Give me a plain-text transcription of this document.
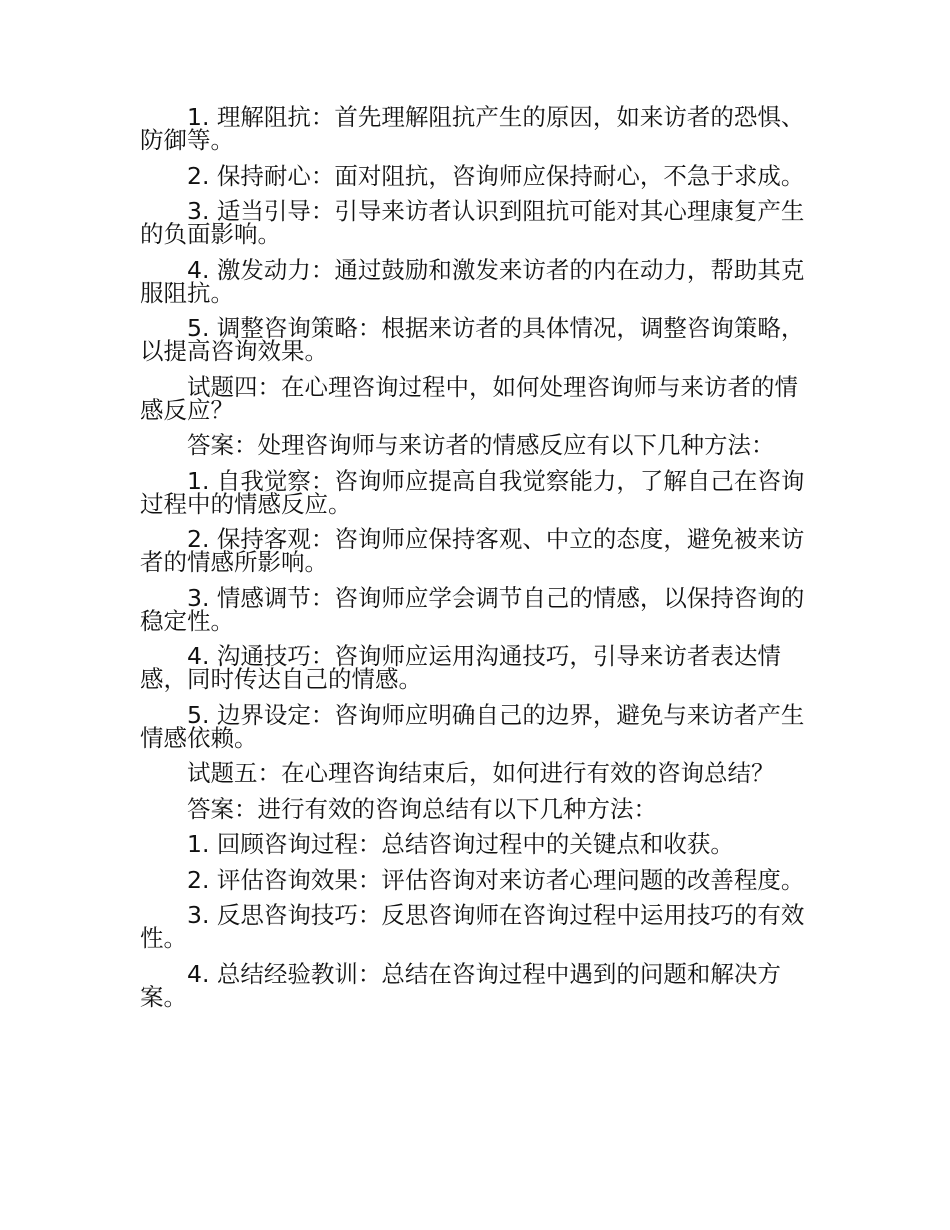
1. 理解阻抗：首先理解阻抗产生的原因，如来访者的恐惧、防御等。

2. 保持耐心：面对阻抗，咨询师应保持耐心，不急于求成。

3. 适当引导：引导来访者认识到阻抗可能对其心理康复产生的负面影响。

4. 激发动力：通过鼓励和激发来访者的内在动力，帮助其克服阻抗。

5. 调整咨询策略：根据来访者的具体情况，调整咨询策略，以提高咨询效果。

试题四：在心理咨询过程中，如何处理咨询师与来访者的情感反应？

答案：处理咨询师与来访者的情感反应有以下几种方法：

1. 自我觉察：咨询师应提高自我觉察能力，了解自己在咨询过程中的情感反应。

2. 保持客观：咨询师应保持客观、中立的态度，避免被来访者的情感所影响。

3. 情感调节：咨询师应学会调节自己的情感，以保持咨询的稳定性。

4. 沟通技巧：咨询师应运用沟通技巧，引导来访者表达情感，同时传达自己的情感。

5. 边界设定：咨询师应明确自己的边界，避免与来访者产生情感依赖。

试题五：在心理咨询结束后，如何进行有效的咨询总结？

答案：进行有效的咨询总结有以下几种方法：

1. 回顾咨询过程：总结咨询过程中的关键点和收获。

2. 评估咨询效果：评估咨询对来访者心理问题的改善程度。

3. 反思咨询技巧：反思咨询师在咨询过程中运用技巧的有效性。

4. 总结经验教训：总结在咨询过程中遇到的问题和解决方案。
